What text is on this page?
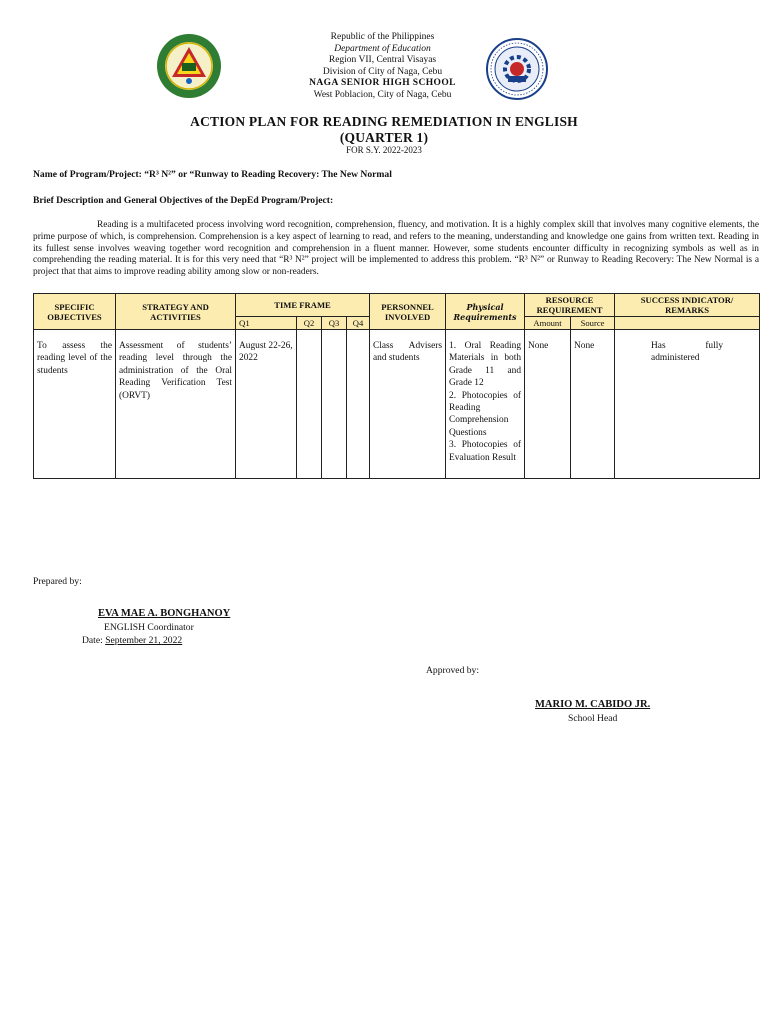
Republic of the Philippines
Department of Education
Region VII, Central Visayas
Division of City of Naga, Cebu
NAGA SENIOR HIGH SCHOOL
West Poblacion, City of Naga, Cebu
ACTION PLAN FOR READING REMEDIATION IN ENGLISH
(QUARTER 1)
FOR S.Y. 2022-2023
Name of Program/Project: “R³ N²” or “Runway to Reading Recovery: The New Normal
Brief Description and General Objectives of the DepEd Program/Project:
Reading is a multifaceted process involving word recognition, comprehension, fluency, and motivation. It is a highly complex skill that involves many cognitive elements, the prime purpose of which, is comprehension. Comprehension is a key aspect of learning to read, and refers to the meaning, understanding and knowledge one gains from written text. Reading in its fullest sense involves weaving together word recognition and comprehension in a fluent manner. However, some students encounter difficulty in recognizing symbols as well as in comprehending the reading material. It is for this very need that “R³ N²” project will be implemented to address this problem. “R³ N²” or Runway to Reading Recovery: The New Normal is a project that that aims to improve reading ability among slow or non-readers.
SPECIFIC OBJECTIVES	STRATEGY AND ACTIVITIES	TIME FRAME				PERSONNEL INVOLVED	Physical Requirements	RESOURCE REQUIREMENT		SUCCESS INDICATOR/ REMARKS
		Q1	Q2	Q3	Q4			Amount	Source	

To assess the reading level of the students	Assessment of students’ reading level through the administration of the Oral Reading Verification Test (ORVT)	August 22-26, 2022				Class Advisers and students	1. Oral Reading Materials in both Grade 11 and Grade 12
2. Photocopies of Reading Comprehension Questions
3. Photocopies of Evaluation Result	None	None	Has fully administered
Prepared by:
EVA MAE A. BONGHANOY
ENGLISH Coordinator
Date: September 21, 2022
Approved by:
MARIO M. CABIDO JR.
School Head
